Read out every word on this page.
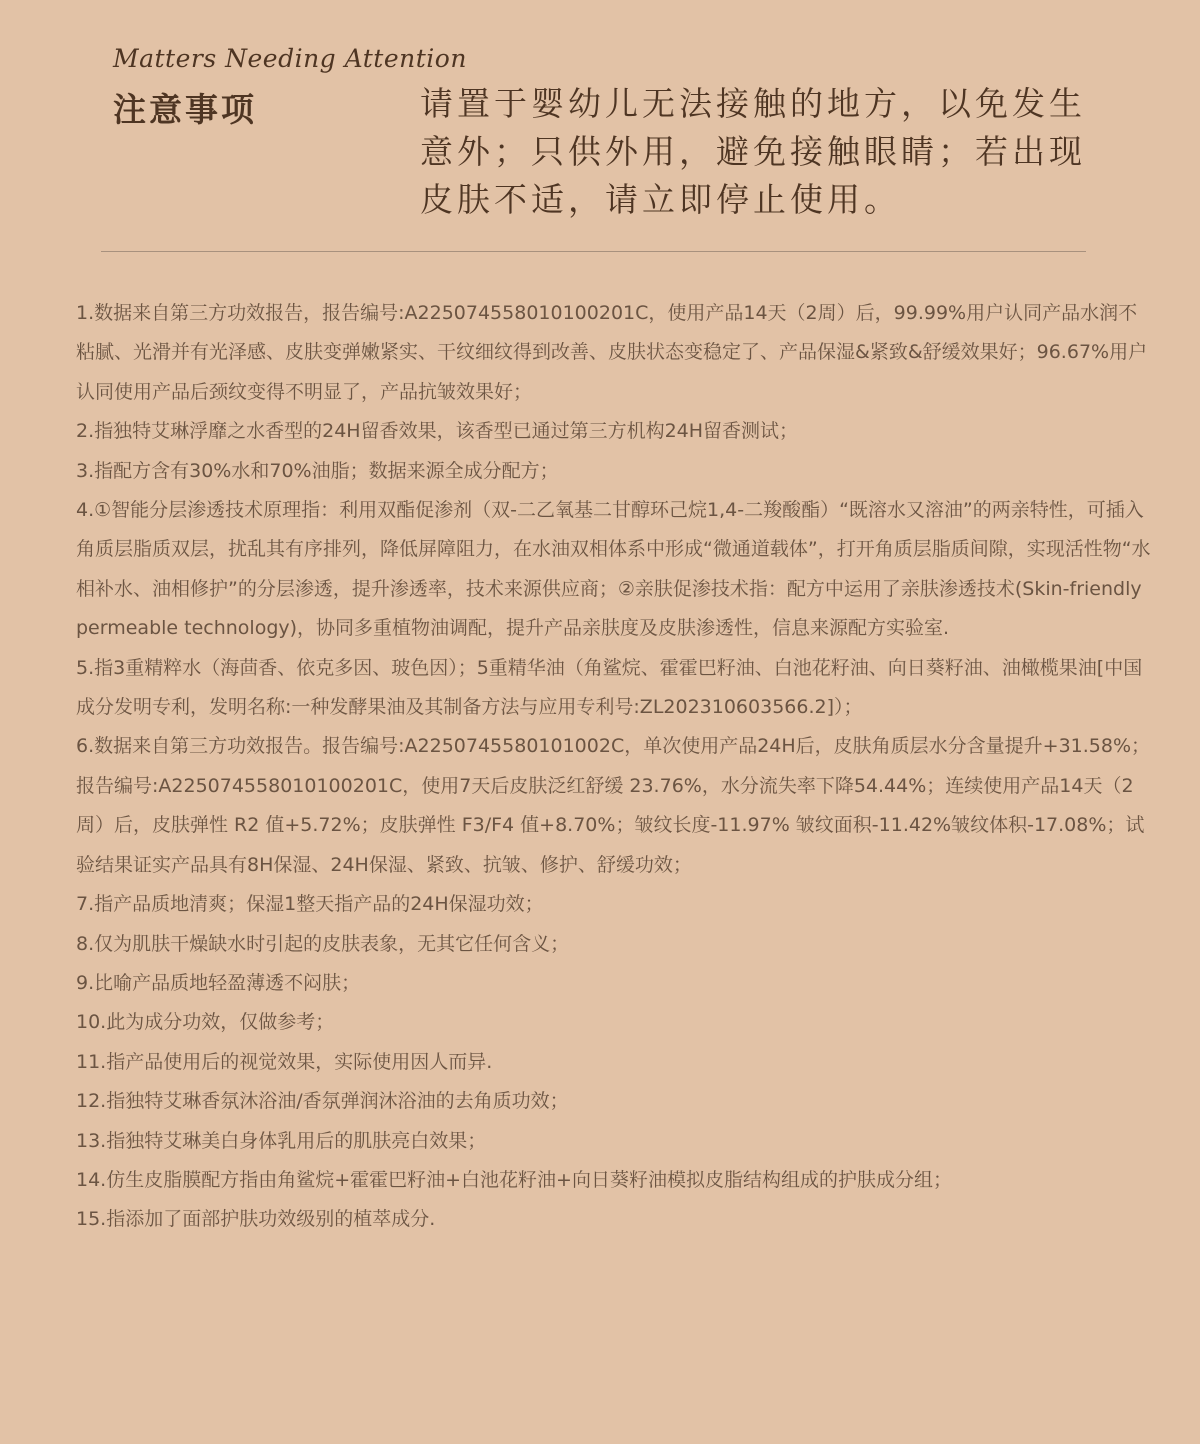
Matters Needing Attention
注意事项	请置于婴幼儿无法接触的地方，以免发生意外；只供外用，避免接触眼睛；若出现皮肤不适，请立即停止使用。

1.数据来自第三方功效报告，报告编号:A225074558010100201C，使用产品14天（2周）后，99.99%用户认同产品水润不粘腻、光滑并有光泽感、皮肤变弹嫩紧实、干纹细纹得到改善、皮肤状态变稳定了、产品保湿&紧致&舒缓效果好；96.67%用户认同使用产品后颈纹变得不明显了，产品抗皱效果好；
2.指独特艾琳浮靡之水香型的24H留香效果，该香型已通过第三方机构24H留香测试；
3.指配方含有30%水和70%油脂；数据来源全成分配方；
4.①智能分层渗透技术原理指：利用双酯促渗剂（双-二乙氧基二甘醇环己烷1,4-二羧酸酯）“既溶水又溶油”的两亲特性，可插入角质层脂质双层，扰乱其有序排列，降低屏障阻力，在水油双相体系中形成“微通道载体”，打开角质层脂质间隙，实现活性物“水相补水、油相修护”的分层渗透，提升渗透率，技术来源供应商；②亲肤促渗技术指：配方中运用了亲肤渗透技术(Skin-friendly permeable technology)，协同多重植物油调配，提升产品亲肤度及皮肤渗透性，信息来源配方实验室.
5.指3重精粹水（海茴香、依克多因、玻色因）；5重精华油（角鲨烷、霍霍巴籽油、白池花籽油、向日葵籽油、油橄榄果油[中国成分发明专利，发明名称:一种发酵果油及其制备方法与应用专利号:ZL202310603566.2]）；
6.数据来自第三方功效报告。报告编号:A2250745580101002C，单次使用产品24H后，皮肤角质层水分含量提升+31.58%；报告编号:A225074558010100201C，使用7天后皮肤泛红舒缓 23.76%，水分流失率下降54.44%；连续使用产品14天（2周）后，皮肤弹性 R2 值+5.72%；皮肤弹性 F3/F4 值+8.70%；皱纹长度-11.97% 皱纹面积-11.42%皱纹体积-17.08%；试验结果证实产品具有8H保湿、24H保湿、紧致、抗皱、修护、舒缓功效；
7.指产品质地清爽；保湿1整天指产品的24H保湿功效；
8.仅为肌肤干燥缺水时引起的皮肤表象，无其它任何含义；
9.比喻产品质地轻盈薄透不闷肤；
10.此为成分功效，仅做参考；
11.指产品使用后的视觉效果，实际使用因人而异.
12.指独特艾琳香氛沐浴油/香氛弹润沐浴油的去角质功效；
13.指独特艾琳美白身体乳用后的肌肤亮白效果；
14.仿生皮脂膜配方指由角鲨烷+霍霍巴籽油+白池花籽油+向日葵籽油模拟皮脂结构组成的护肤成分组；
15.指添加了面部护肤功效级别的植萃成分.
